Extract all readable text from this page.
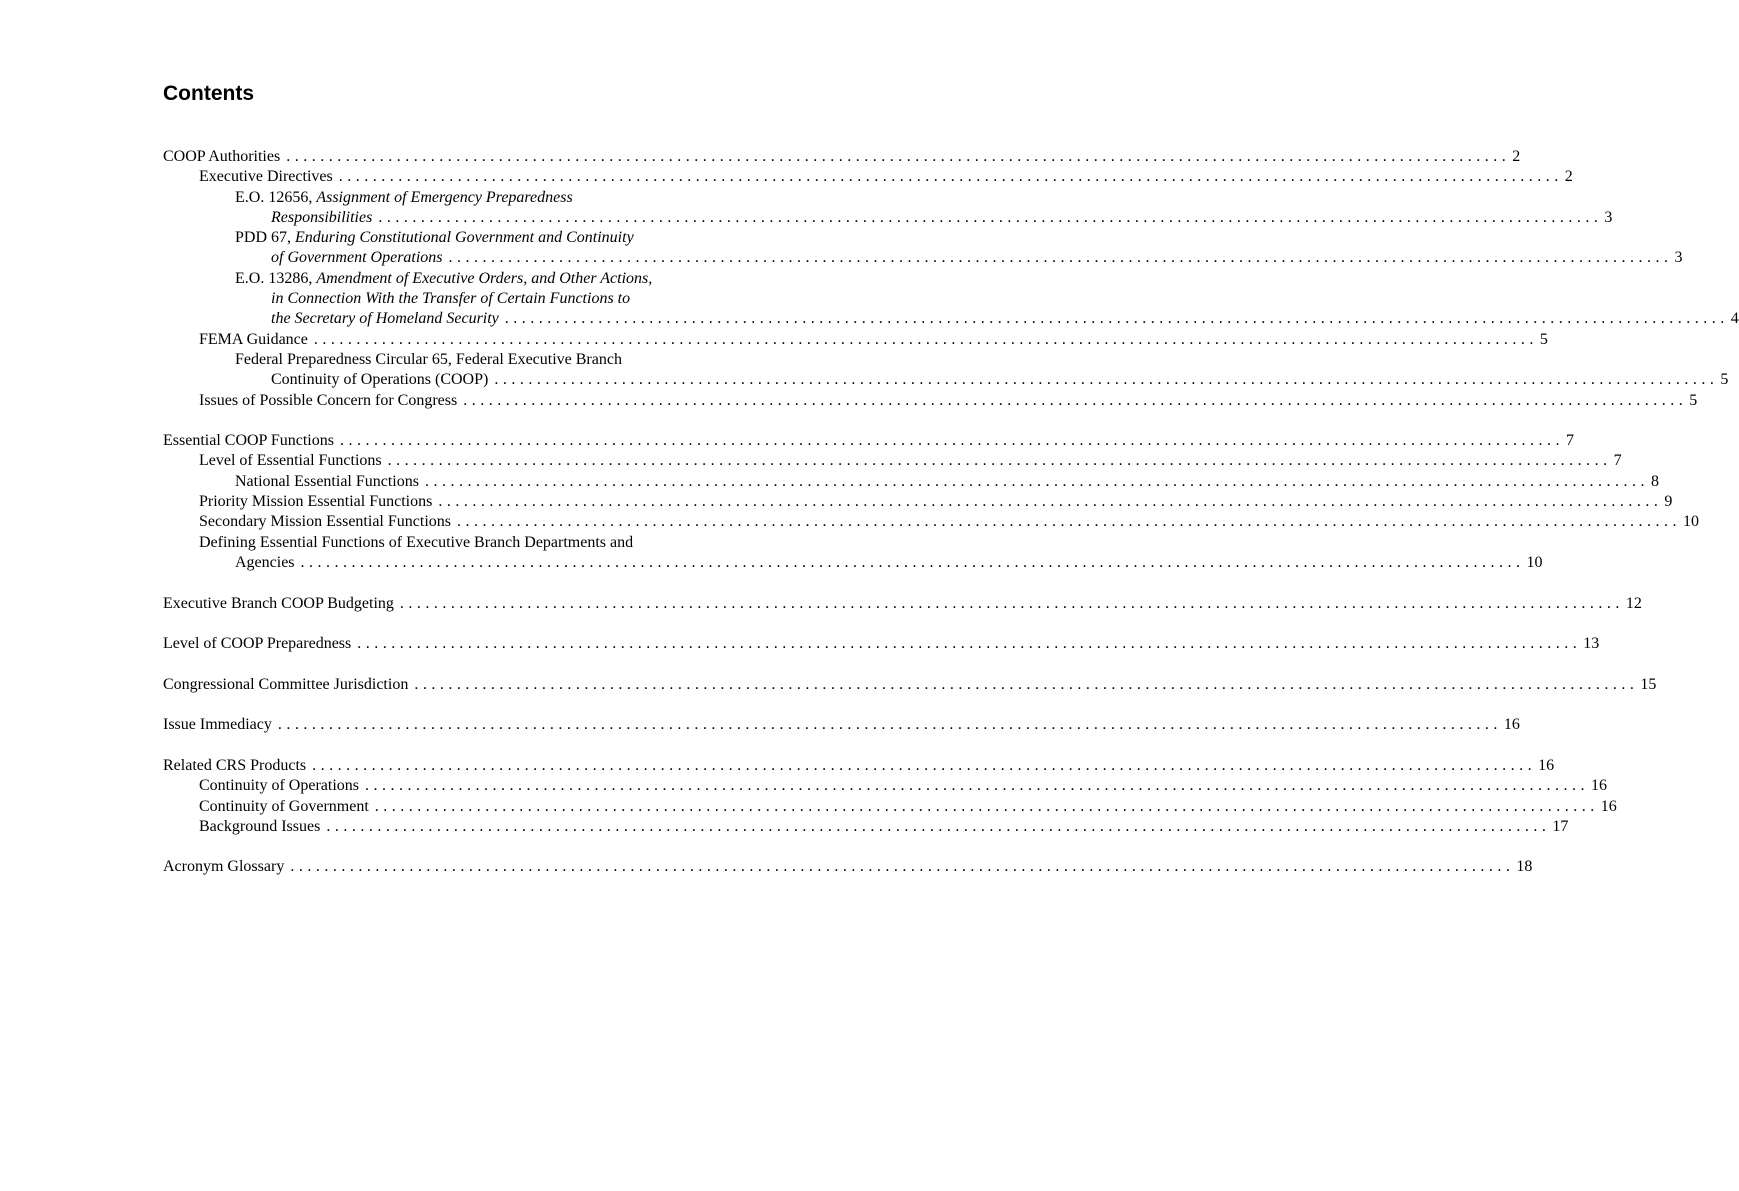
Contents
COOP Authorities ................................................................................................................................................ 2
Executive Directives ................................................................................................................................................ 2
E.O. 12656, Assignment of Emergency Preparedness
Responsibilities ................................................................................................................................................ 3
PDD 67, Enduring Constitutional Government and Continuity
of Government Operations ................................................................................................................................................ 3
E.O. 13286, Amendment of Executive Orders, and Other Actions,
in Connection With the Transfer of Certain Functions to
the Secretary of Homeland Security ................................................................................................................................................ 4
FEMA Guidance ................................................................................................................................................ 5
Federal Preparedness Circular 65, Federal Executive Branch
Continuity of Operations (COOP) ................................................................................................................................................ 5
Issues of Possible Concern for Congress ................................................................................................................................................ 5
Essential COOP Functions ................................................................................................................................................ 7
Level of Essential Functions ................................................................................................................................................ 7
National Essential Functions ................................................................................................................................................ 8
Priority Mission Essential Functions ................................................................................................................................................ 9
Secondary Mission Essential Functions ................................................................................................................................................ 10
Defining Essential Functions of Executive Branch Departments and
Agencies ................................................................................................................................................ 10
Executive Branch COOP Budgeting ................................................................................................................................................ 12
Level of COOP Preparedness ................................................................................................................................................ 13
Congressional Committee Jurisdiction ................................................................................................................................................ 15
Issue Immediacy ................................................................................................................................................ 16
Related CRS Products ................................................................................................................................................ 16
Continuity of Operations ................................................................................................................................................ 16
Continuity of Government ................................................................................................................................................ 16
Background Issues ................................................................................................................................................ 17
Acronym Glossary ................................................................................................................................................ 18
